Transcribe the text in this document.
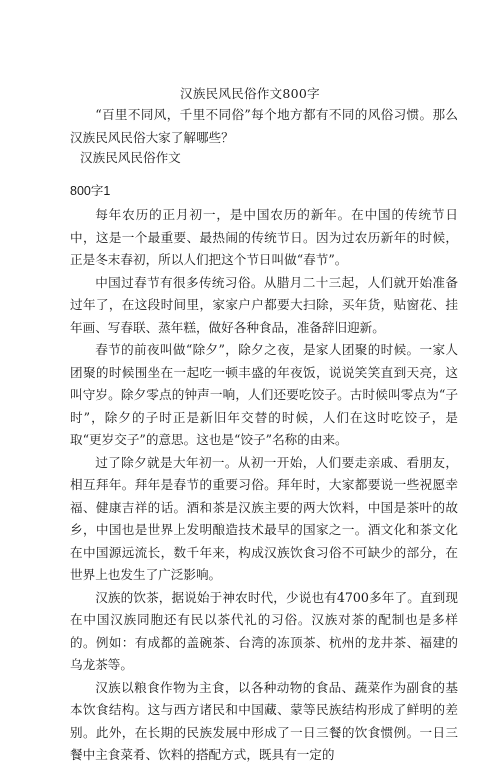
汉族民风民俗作文800字
“百里不同风，千里不同俗”每个地方都有不同的风俗习惯。那么汉族民风民俗大家了解哪些？
汉族民风民俗作文
800字1

每年农历的正月初一，是中国农历的新年。在中国的传统节日中，这是一个最重要、最热闹的传统节日。因为过农历新年的时候，正是冬末春初，所以人们把这个节日叫做“春节”。

中国过春节有很多传统习俗。从腊月二十三起，人们就开始准备过年了，在这段时间里，家家户户都要大扫除，买年货，贴窗花、挂年画、写春联、蒸年糕，做好各种食品，准备辞旧迎新。

春节的前夜叫做“除夕”，除夕之夜，是家人团聚的时候。一家人团聚的时候围坐在一起吃一顿丰盛的年夜饭，说说笑笑直到天亮，这叫守岁。除夕零点的钟声一响，人们还要吃饺子。古时候叫零点为“子时”，除夕的子时正是新旧年交替的时候，人们在这时吃饺子，是取“更岁交子”的意思。这也是“饺子”名称的由来。

过了除夕就是大年初一。从初一开始，人们要走亲戚、看朋友，相互拜年。拜年是春节的重要习俗。拜年时，大家都要说一些祝愿幸福、健康吉祥的话。酒和茶是汉族主要的两大饮料，中国是茶叶的故乡，中国也是世界上发明酿造技术最早的国家之一。酒文化和茶文化在中国源远流长，数千年来，构成汉族饮食习俗不可缺少的部分，在世界上也发生了广泛影响。

汉族的饮茶，据说始于神农时代，少说也有4700多年了。直到现在中国汉族同胞还有民以茶代礼的习俗。汉族对茶的配制也是多样的。例如：有成都的盖碗茶、台湾的冻顶茶、杭州的龙井茶、福建的乌龙茶等。

汉族以粮食作物为主食，以各种动物的食品、蔬菜作为副食的基本饮食结构。这与西方诸民和中国藏、蒙等民族结构形成了鲜明的差别。此外，在长期的民族发展中形成了一日三餐的饮食惯例。一日三餐中主食菜肴、饮料的搭配方式，既具有一定的
